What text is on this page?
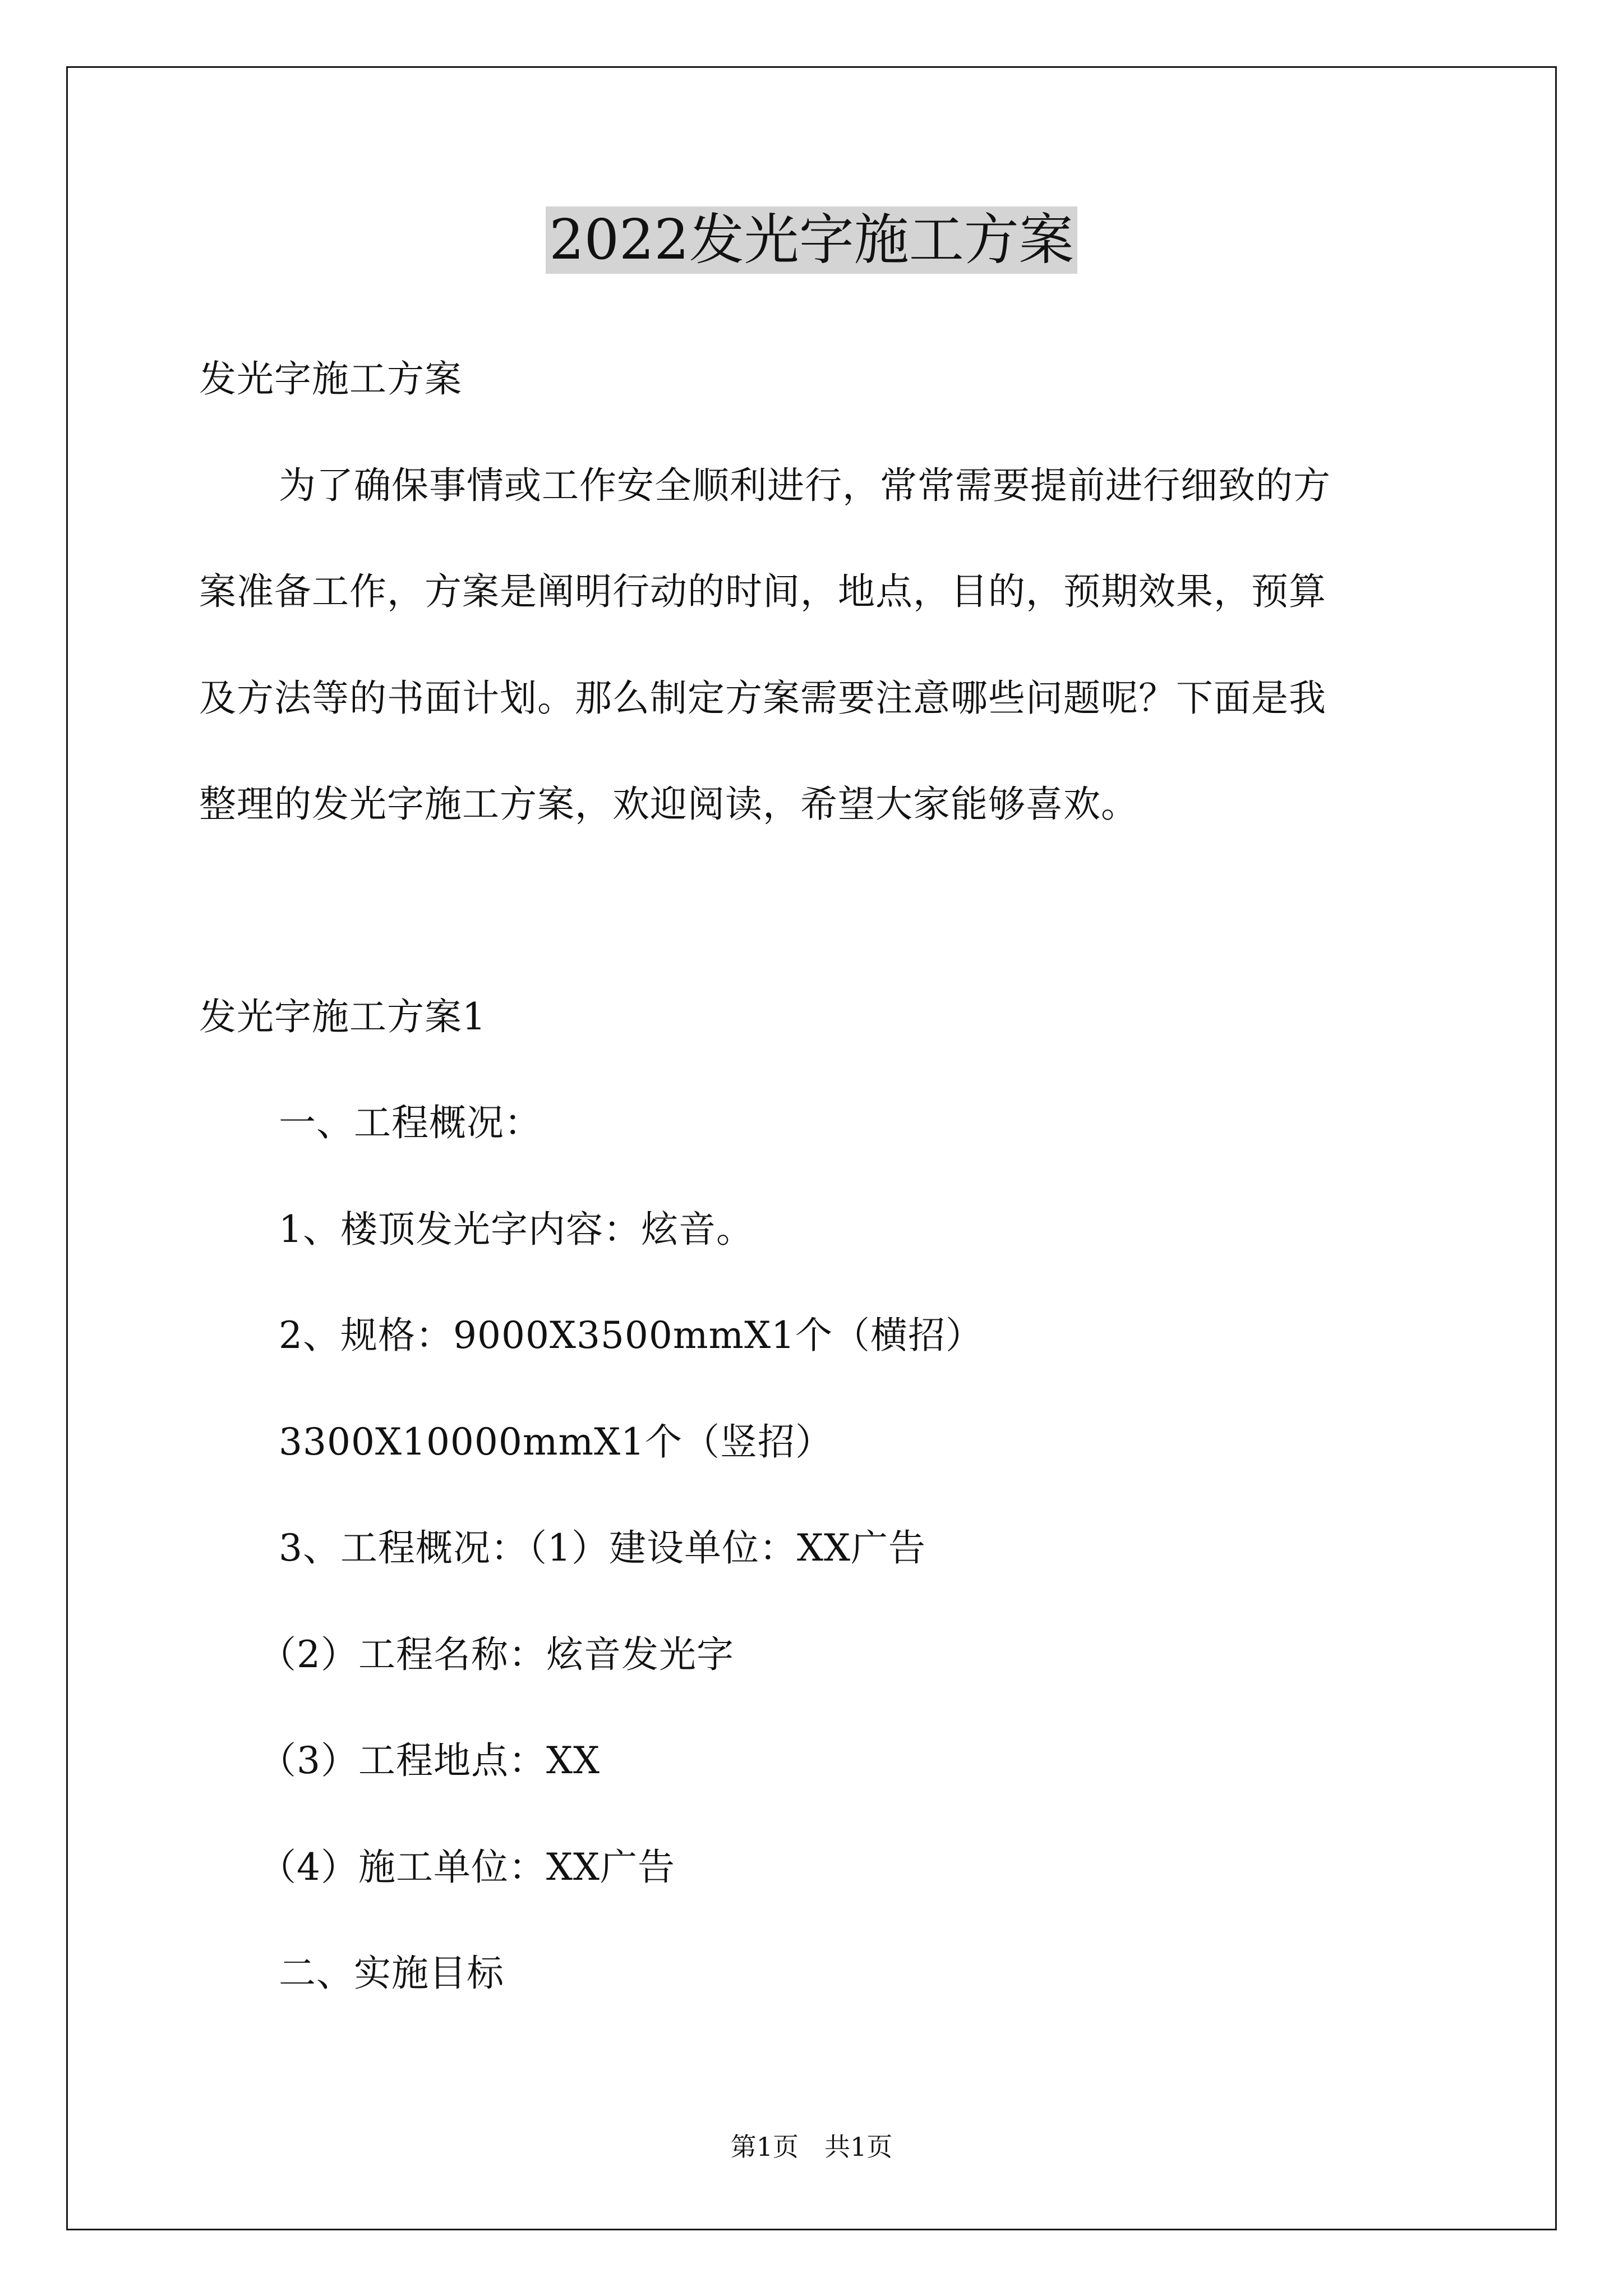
2022发光字施工方案
发光字施工方案
为了确保事情或工作安全顺利进行，常常需要提前进行细致的方
案准备工作，方案是阐明行动的时间，地点，目的，预期效果，预算
及方法等的书面计划。那么制定方案需要注意哪些问题呢？下面是我
整理的发光字施工方案，欢迎阅读，希望大家能够喜欢。
发光字施工方案1
一、工程概况：
1、楼顶发光字内容：炫音。
2、规格：9000X3500mmX1个（横招）
3300X10000mmX1个（竖招）
3、工程概况：（1）建设单位：XX广告
（2）工程名称：炫音发光字
（3）工程地点：XX
（4）施工单位：XX广告
二、实施目标
第1页　共1页
